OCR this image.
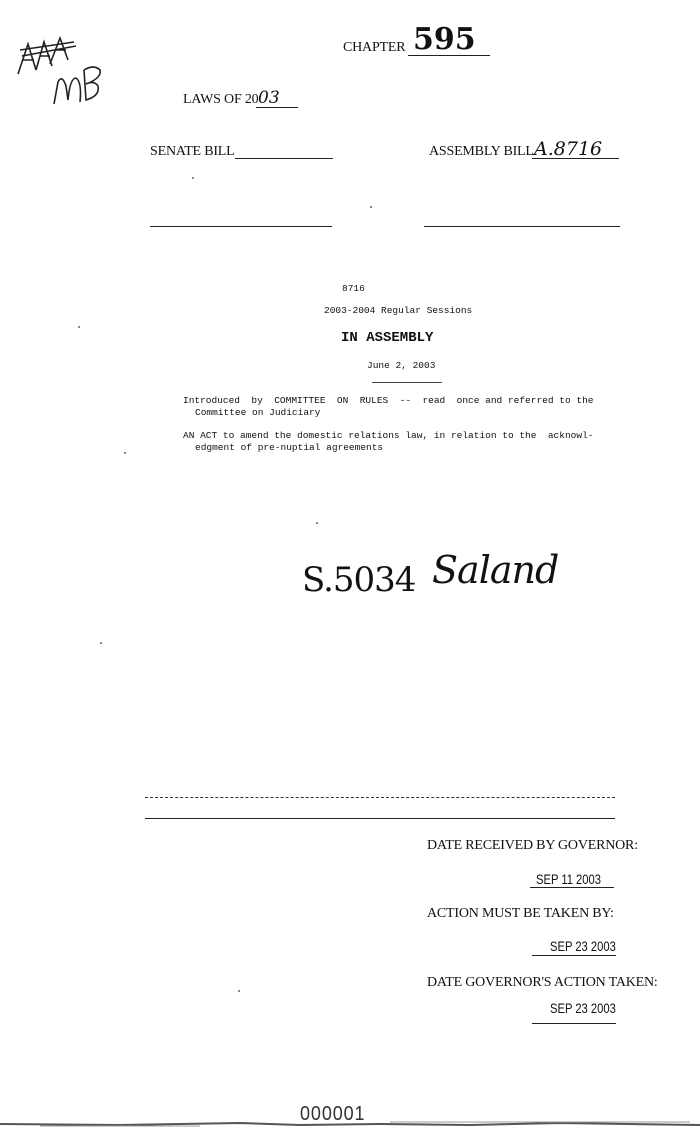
CHAPTER 595
LAWS OF 20 03
SENATE BILL	ASSEMBLY BILL A.8716
8716
2003-2004 Regular Sessions
IN ASSEMBLY
June 2, 2003
Introduced  by  COMMITTEE  ON  RULES  --  read  once and referred to the
Committee on Judiciary
AN ACT to amend the domestic relations law, in relation to the  acknowl-
edgment of pre-nuptial agreements
S.5034 Saland
DATE RECEIVED BY GOVERNOR:
SEP 11 2003
ACTION MUST BE TAKEN BY:
SEP 23 2003
DATE GOVERNOR'S ACTION TAKEN:
SEP 23 2003
000001
